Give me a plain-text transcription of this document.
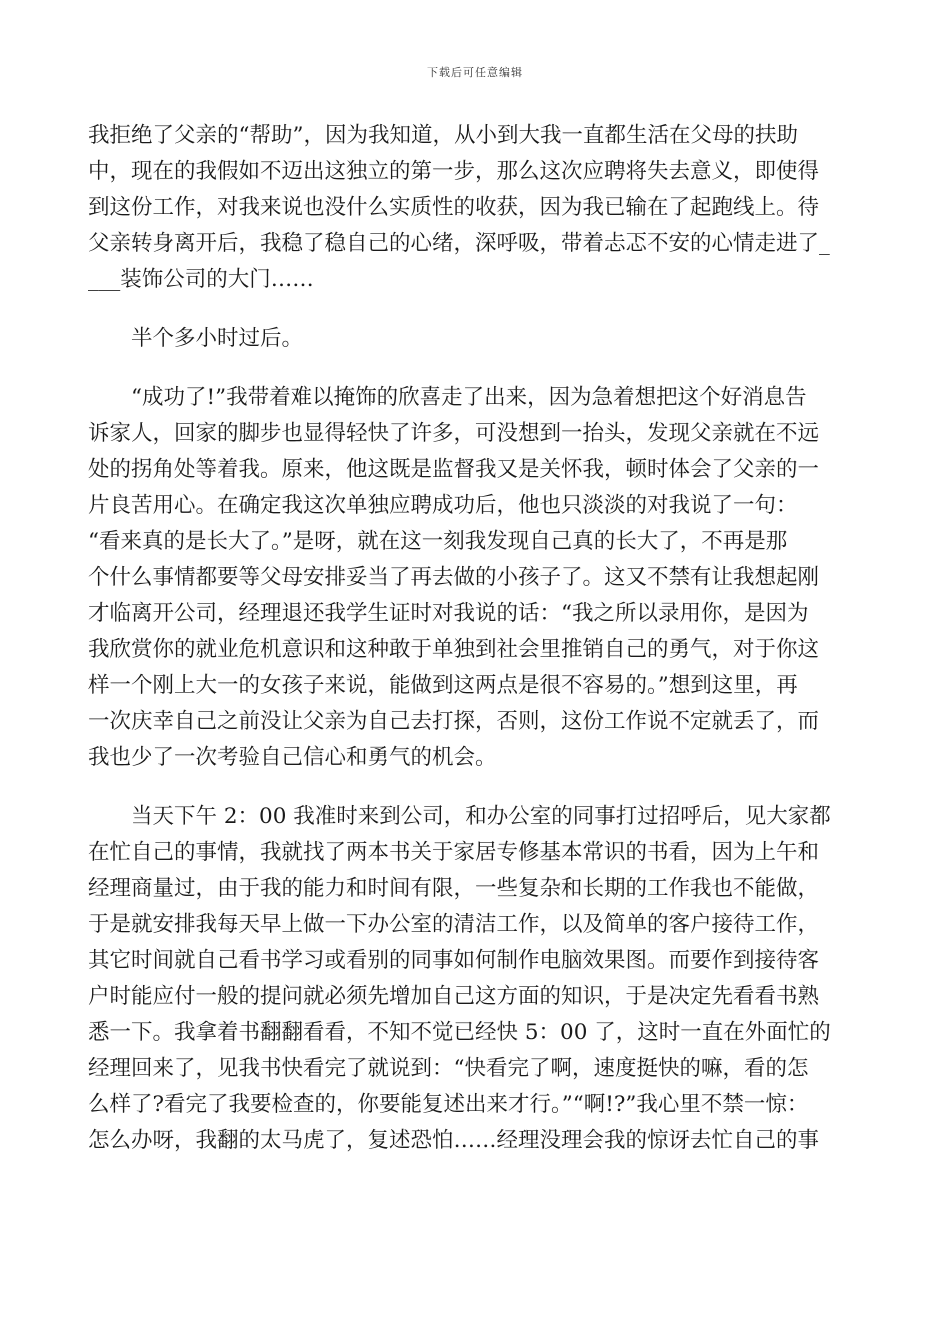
下载后可任意编辑
我拒绝了父亲的“帮助”，因为我知道，从小到大我一直都生活在父母的扶助
中，现在的我假如不迈出这独立的第一步，那么这次应聘将失去意义，即使得
到这份工作，对我来说也没什么实质性的收获，因为我已输在了起跑线上。待
父亲转身离开后，我稳了稳自己的心绪，深呼吸，带着忐忑不安的心情走进了_
___装饰公司的大门……
　　半个多小时过后。
　　“成功了!”我带着难以掩饰的欣喜走了出来，因为急着想把这个好消息告
诉家人，回家的脚步也显得轻快了许多，可没想到一抬头，发现父亲就在不远
处的拐角处等着我。原来，他这既是监督我又是关怀我，顿时体会了父亲的一
片良苦用心。在确定我这次单独应聘成功后，他也只淡淡的对我说了一句：
“看来真的是长大了。”是呀，就在这一刻我发现自己真的长大了，不再是那
个什么事情都要等父母安排妥当了再去做的小孩子了。这又不禁有让我想起刚
才临离开公司，经理退还我学生证时对我说的话：“我之所以录用你，是因为
我欣赏你的就业危机意识和这种敢于单独到社会里推销自己的勇气，对于你这
样一个刚上大一的女孩子来说，能做到这两点是很不容易的。”想到这里，再
一次庆幸自己之前没让父亲为自己去打探，否则，这份工作说不定就丢了，而
我也少了一次考验自己信心和勇气的机会。
　　当天下午 2：00 我准时来到公司，和办公室的同事打过招呼后，见大家都
在忙自己的事情，我就找了两本书关于家居专修基本常识的书看，因为上午和
经理商量过，由于我的能力和时间有限，一些复杂和长期的工作我也不能做，
于是就安排我每天早上做一下办公室的清洁工作，以及简单的客户接待工作，
其它时间就自己看书学习或看别的同事如何制作电脑效果图。而要作到接待客
户时能应付一般的提问就必须先增加自己这方面的知识，于是决定先看看书熟
悉一下。我拿着书翻翻看看，不知不觉已经快 5：00 了，这时一直在外面忙的
经理回来了，见我书快看完了就说到：“快看完了啊，速度挺快的嘛，看的怎
么样了?看完了我要检查的，你要能复述出来才行。”“啊!?”我心里不禁一惊：
怎么办呀，我翻的太马虎了，复述恐怕……经理没理会我的惊讶去忙自己的事
